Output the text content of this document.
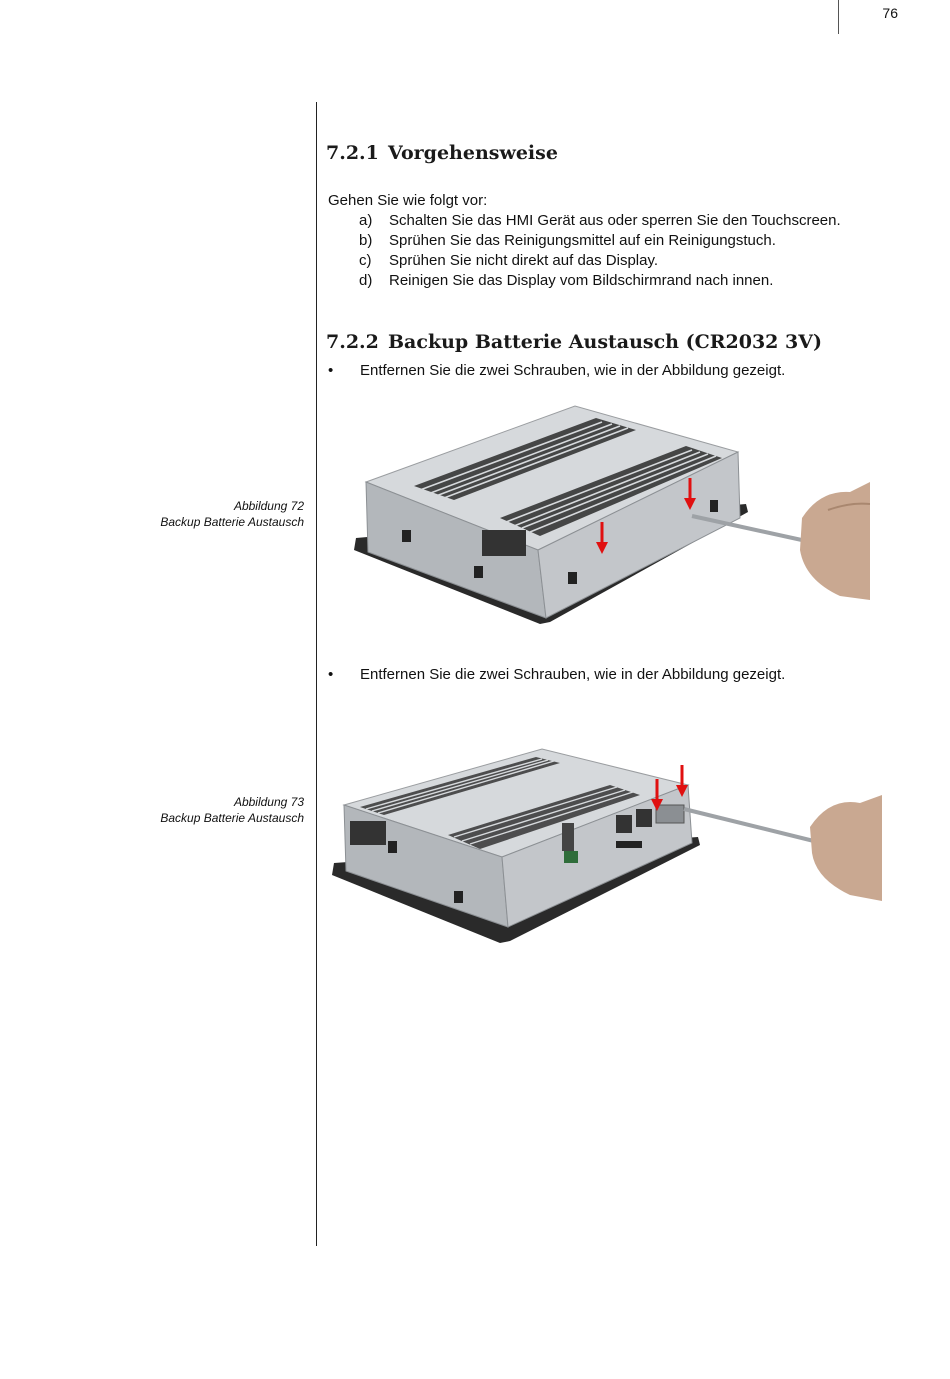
76
7.2.1 Vorgehensweise
Gehen Sie wie folgt vor:
a) Schalten Sie das HMI Gerät aus oder sperren Sie den Touchscreen.
b) Sprühen Sie das Reinigungsmittel auf ein Reinigungstuch.
c) Sprühen Sie nicht direkt auf das Display.
d) Reinigen Sie das Display vom Bildschirmrand nach innen.
7.2.2 Backup Batterie Austausch (CR2032 3V)
• Entfernen Sie die zwei Schrauben, wie in der Abbildung gezeigt.
Abbildung 72
Backup Batterie Austausch
• Entfernen Sie die zwei Schrauben, wie in der Abbildung gezeigt.
Abbildung 73
Backup Batterie Austausch
